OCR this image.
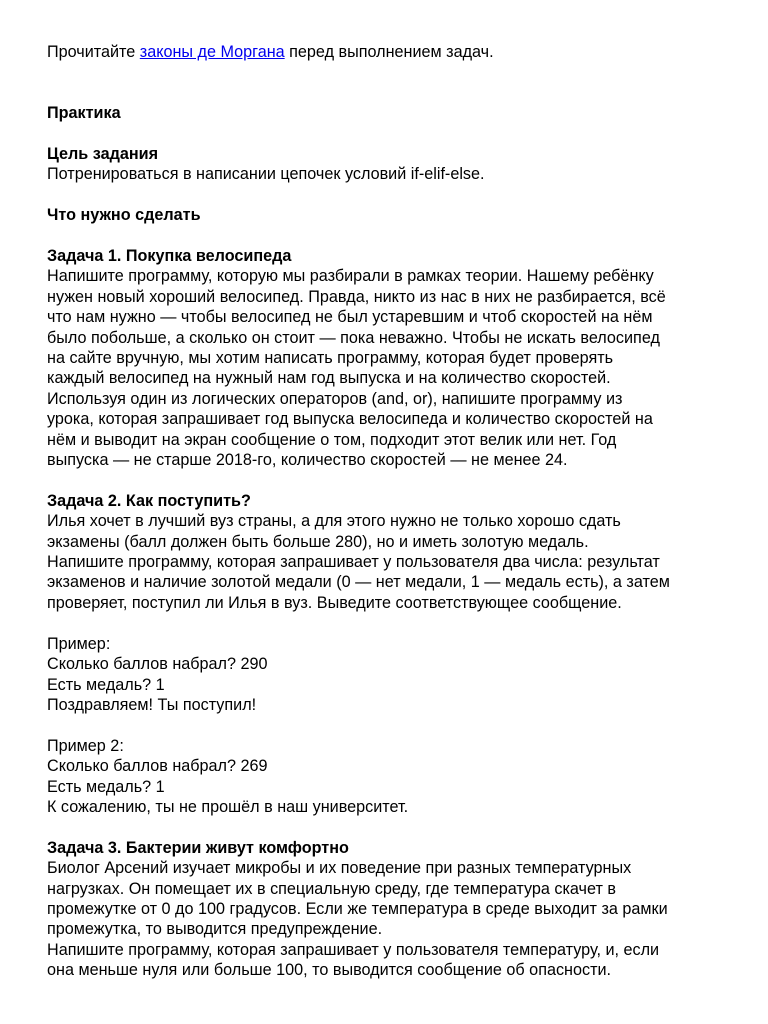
Прочитайте законы де Моргана перед выполнением задач.

Практика

Цель задания

Потренироваться в написании цепочек условий if-elif-else.

Что нужно сделать

Задача 1. Покупка велосипеда

Напишите программу, которую мы разбирали в рамках теории. Нашему ребёнку

нужен новый хороший велосипед. Правда, никто из нас в них не разбирается, всё

что нам нужно — чтобы велосипед не был устаревшим и чтоб скоростей на нём

было побольше, а сколько он стоит — пока неважно. Чтобы не искать велосипед

на сайте вручную, мы хотим написать программу, которая будет проверять

каждый велосипед на нужный нам год выпуска и на количество скоростей.

Используя один из логических операторов (and, or), напишите программу из

урока, которая запрашивает год выпуска велосипеда и количество скоростей на

нём и выводит на экран сообщение о том, подходит этот велик или нет. Год

выпуска — не старше 2018-го, количество скоростей — не менее 24.

Задача 2. Как поступить?

Илья хочет в лучший вуз страны, а для этого нужно не только хорошо сдать

экзамены (балл должен быть больше 280), но и иметь золотую медаль.

Напишите программу, которая запрашивает у пользователя два числа: результат

экзаменов и наличие золотой медали (0 — нет медали, 1 — медаль есть), а затем

проверяет, поступил ли Илья в вуз. Выведите соответствующее сообщение.

Пример:

Сколько баллов набрал? 290

Есть медаль? 1

Поздравляем! Ты поступил!

Пример 2:

Сколько баллов набрал? 269

Есть медаль? 1

К сожалению, ты не прошёл в наш университет.

Задача 3. Бактерии живут комфортно

Биолог Арсений изучает микробы и их поведение при разных температурных

нагрузках. Он помещает их в специальную среду, где температура скачет в

промежутке от 0 до 100 градусов. Если же температура в среде выходит за рамки

промежутка, то выводится предупреждение.

Напишите программу, которая запрашивает у пользователя температуру, и, если

она меньше нуля или больше 100, то выводится сообщение об опасности.
